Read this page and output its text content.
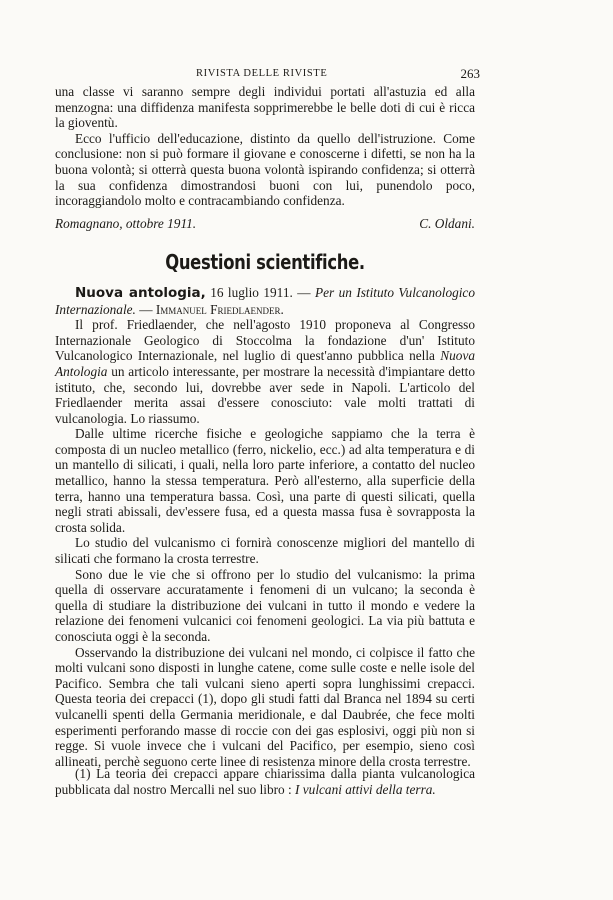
RIVISTA DELLE RIVISTE	263

una classe vi saranno sempre degli individui portati all'astuzia ed alla menzogna: una diffidenza manifesta sopprimerebbe le belle doti di cui è ricca la gioventù.

Ecco l'ufficio dell'educazione, distinto da quello dell'istruzione. Come conclusione: non si può formare il giovane e conoscerne i difetti, se non ha la buona volontà; si otterrà questa buona volontà ispirando confidenza; si otterrà la sua confidenza dimostrandosi buoni con lui, punendolo poco, incoraggiandolo molto e contracambiando confidenza.

Romagnano, ottobre 1911.	C. Oldani.
Questioni scientifiche.

Nuova antologia, 16 luglio 1911. — Per un Istituto Vulcanologico Internazionale. — Immanuel Friedlaender.

Il prof. Friedlaender, che nell'agosto 1910 proponeva al Congresso Internazionale Geologico di Stoccolma la fondazione d'un' Istituto Vulcanologico Internazionale, nel luglio di quest'anno pubblica nella Nuova Antologia un articolo interessante, per mostrare la necessità d'impiantare detto istituto, che, secondo lui, dovrebbe aver sede in Napoli. L'articolo del Friedlaender merita assai d'essere conosciuto: vale molti trattati di vulcanologia. Lo riassumo.

Dalle ultime ricerche fisiche e geologiche sappiamo che la terra è composta di un nucleo metallico (ferro, nickelio, ecc.) ad alta temperatura e di un mantello di silicati, i quali, nella loro parte inferiore, a contatto del nucleo metallico, hanno la stessa temperatura. Però all'esterno, alla superficie della terra, hanno una temperatura bassa. Così, una parte di questi silicati, quella negli strati abissali, dev'essere fusa, ed a questa massa fusa è sovrapposta la crosta solida.

Lo studio del vulcanismo ci fornirà conoscenze migliori del mantello di silicati che formano la crosta terrestre.

Sono due le vie che si offrono per lo studio del vulcanismo: la prima quella di osservare accuratamente i fenomeni di un vulcano; la seconda è quella di studiare la distribuzione dei vulcani in tutto il mondo e vedere la relazione dei fenomeni vulcanici coi fenomeni geologici. La via più battuta e conosciuta oggi è la seconda.

Osservando la distribuzione dei vulcani nel mondo, ci colpisce il fatto che molti vulcani sono disposti in lunghe catene, come sulle coste e nelle isole del Pacifico. Sembra che tali vulcani sieno aperti sopra lunghissimi crepacci. Questa teoria dei crepacci (1), dopo gli studi fatti dal Branca nel 1894 su certi vulcanelli spenti della Germania meridionale, e dal Daubrée, che fece molti esperimenti perforando masse di roccie con dei gas esplosivi, oggi più non si regge. Si vuole invece che i vulcani del Pacifico, per esempio, sieno così allineati, perchè seguono certe linee di resistenza minore della crosta terrestre.

(1) La teoria dei crepacci appare chiarissima dalla pianta vulcanologica pubblicata dal nostro Mercalli nel suo libro : I vulcani attivi della terra.
